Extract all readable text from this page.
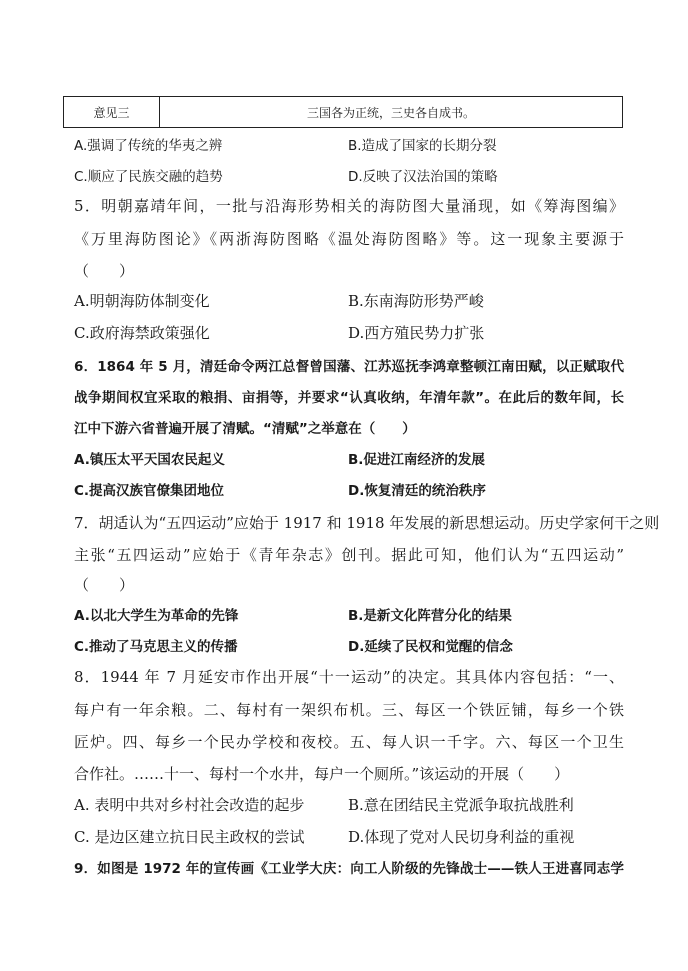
意见三	三国各为正统，三史各自成书。
A.强调了传统的华夷之辨	B.造成了国家的长期分裂
C.顺应了民族交融的趋势	D.反映了汉法治国的策略
5．明朝嘉靖年间，一批与沿海形势相关的海防图大量涌现，如《筹海图编》
《万里海防图论》《两浙海防图略《温处海防图略》等。这一现象主要源于
（　　）
A.明朝海防体制变化	B.东南海防形势严峻
C.政府海禁政策强化	D.西方殖民势力扩张
6．1864 年 5 月，清廷命令两江总督曾国藩、江苏巡抚李鸿章整顿江南田赋，以正赋取代
战争期间权宜采取的粮捐、亩捐等，并要求“认真收纳，年清年款”。在此后的数年间，长
江中下游六省普遍开展了清赋。“清赋”之举意在（　　）
A.镇压太平天国农民起义	B.促进江南经济的发展
C.提高汉族官僚集团地位	D.恢复清廷的统治秩序
7．胡适认为“五四运动”应始于 1917 和 1918 年发展的新思想运动。历史学家何干之则
主张“五四运动”应始于《青年杂志》创刊。据此可知，他们认为“五四运动”
（　　）
A.以北大学生为革命的先锋	B.是新文化阵营分化的结果
C.推动了马克思主义的传播	D.延续了民权和觉醒的信念
8．1944 年 7 月延安市作出开展“十一运动”的决定。其具体内容包括：“一、
每户有一年余粮。二、每村有一架织布机。三、每区一个铁匠铺，每乡一个铁
匠炉。四、每乡一个民办学校和夜校。五、每人识一千字。六、每区一个卫生
合作社。……十一、每村一个水井，每户一个厕所。”该运动的开展（　　）
A. 表明中共对乡村社会改造的起步	B.意在团结民主党派争取抗战胜利
C. 是边区建立抗日民主政权的尝试	D.体现了党对人民切身利益的重视
9．如图是 1972 年的宣传画《工业学大庆：向工人阶级的先锋战士——铁人王进喜同志学
